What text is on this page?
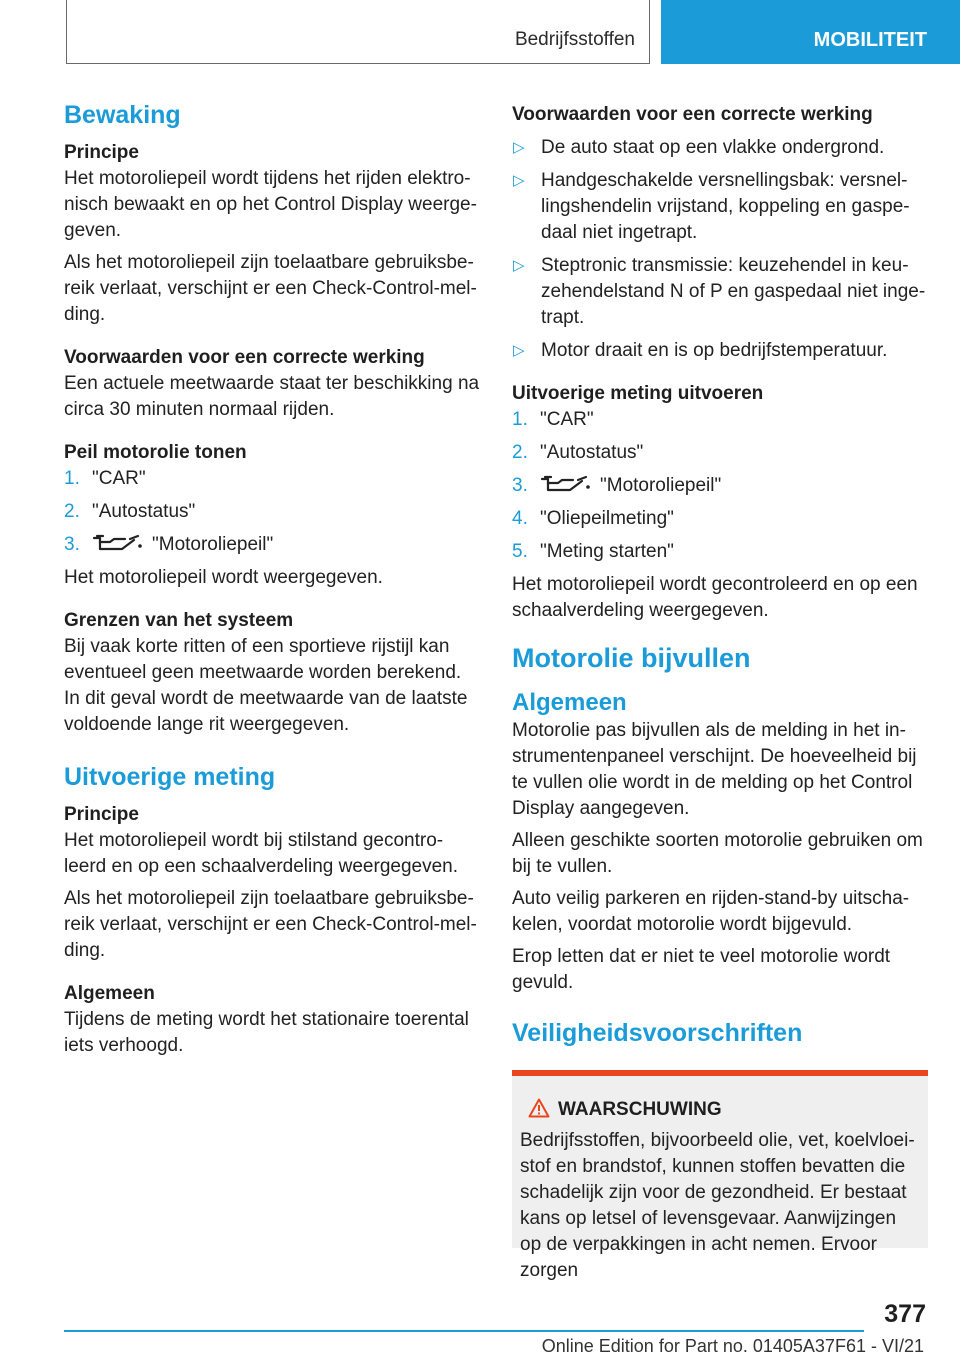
Bedrijfsstoffen	MOBILITEIT
Bewaking
Principe

Het motoroliepeil wordt tijdens het rijden elektro-nisch bewaakt en op het Control Display weerge-geven.

Als het motoroliepeil zijn toelaatbare gebruiksbe-reik verlaat, verschijnt er een Check-Control-mel-ding.

Voorwaarden voor een correcte werking

Een actuele meetwaarde staat ter beschikking na circa 30 minuten normaal rijden.

Peil motorolie tonen
1. "CAR"
2. "Autostatus"
3.	"Motoroliepeil"

Het motoroliepeil wordt weergegeven.

Grenzen van het systeem

Bij vaak korte ritten of een sportieve rijstijl kan eventueel geen meetwaarde worden berekend. In dit geval wordt de meetwaarde van de laatste voldoende lange rit weergegeven.

Uitvoerige meting
Principe

Het motoroliepeil wordt bij stilstand gecontro-leerd en op een schaalverdeling weergegeven.

Als het motoroliepeil zijn toelaatbare gebruiksbe-reik verlaat, verschijnt er een Check-Control-mel-ding.

Algemeen

Tijdens de meting wordt het stationaire toerental iets verhoogd.

Voorwaarden voor een correcte werking
▷ De auto staat op een vlakke ondergrond.
▷ Handgeschakelde versnellingsbak: versnel-lingshendelin vrijstand, koppeling en gaspe-daal niet ingetrapt.
▷ Steptronic transmissie: keuzehendel in keu-zehendelstand N of P en gaspedaal niet inge-trapt.
▷ Motor draait en is op bedrijfstemperatuur.
Uitvoerige meting uitvoeren
1. "CAR"
2. "Autostatus"
3.	"Motoroliepeil"
4. "Oliepeilmeting"
5. "Meting starten"

Het motoroliepeil wordt gecontroleerd en op een schaalverdeling weergegeven.

Motorolie bijvullen
Algemeen

Motorolie pas bijvullen als de melding in het in-strumentenpaneel verschijnt. De hoeveelheid bij te vullen olie wordt in de melding op het Control Display aangegeven.

Alleen geschikte soorten motorolie gebruiken om bij te vullen.

Auto veilig parkeren en rijden-stand-by uitscha-kelen, voordat motorolie wordt bijgevuld.

Erop letten dat er niet te veel motorolie wordt gevuld.

Veiligheidsvoorschriften
WAARSCHUWING

Bedrijfsstoffen, bijvoorbeeld olie, vet, koelvloei-stof en brandstof, kunnen stoffen bevatten die schadelijk zijn voor de gezondheid. Er bestaat kans op letsel of levensgevaar. Aanwijzingen op de verpakkingen in acht nemen. Ervoor zorgen

377
Online Edition for Part no. 01405A37F61 - VI/21
